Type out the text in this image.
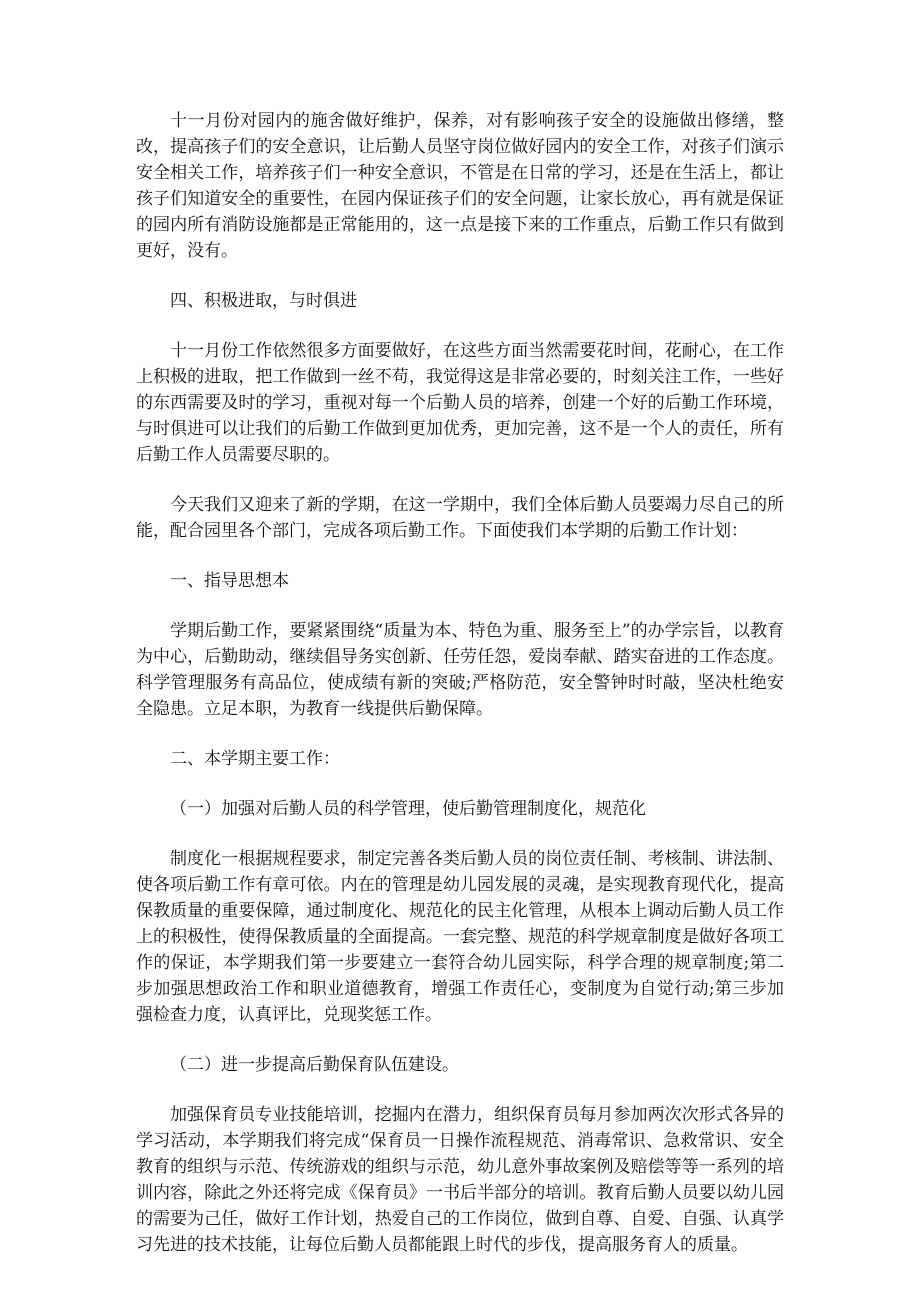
十一月份对园内的施舍做好维护，保养，对有影响孩子安全的设施做出修缮，整改，提高孩子们的安全意识，让后勤人员坚守岗位做好园内的安全工作，对孩子们演示安全相关工作，培养孩子们一种安全意识，不管是在日常的学习，还是在生活上，都让孩子们知道安全的重要性，在园内保证孩子们的安全问题，让家长放心，再有就是保证的园内所有消防设施都是正常能用的，这一点是接下来的工作重点，后勤工作只有做到更好，没有。

四、积极进取，与时俱进

十一月份工作依然很多方面要做好，在这些方面当然需要花时间，花耐心，在工作上积极的进取，把工作做到一丝不苟，我觉得这是非常必要的，时刻关注工作，一些好的东西需要及时的学习，重视对每一个后勤人员的培养，创建一个好的后勤工作环境，与时俱进可以让我们的后勤工作做到更加优秀，更加完善，这不是一个人的责任，所有后勤工作人员需要尽职的。

今天我们又迎来了新的学期，在这一学期中，我们全体后勤人员要竭力尽自己的所能，配合园里各个部门，完成各项后勤工作。下面使我们本学期的后勤工作计划：

一、指导思想本

学期后勤工作，要紧紧围绕“质量为本、特色为重、服务至上”的办学宗旨，以教育为中心，后勤助动，继续倡导务实创新、任劳任怨，爱岗奉献、踏实奋进的工作态度。科学管理服务有高品位，使成绩有新的突破;严格防范，安全警钟时时敲，坚决杜绝安全隐患。立足本职，为教育一线提供后勤保障。

二、本学期主要工作：

（一）加强对后勤人员的科学管理，使后勤管理制度化，规范化

制度化一根据规程要求，制定完善各类后勤人员的岗位责任制、考核制、讲法制、使各项后勤工作有章可依。内在的管理是幼儿园发展的灵魂，是实现教育现代化，提高保教质量的重要保障，通过制度化、规范化的民主化管理，从根本上调动后勤人员工作上的积极性，使得保教质量的全面提高。一套完整、规范的科学规章制度是做好各项工作的保证，本学期我们第一步要建立一套符合幼儿园实际，科学合理的规章制度;第二步加强思想政治工作和职业道德教育，增强工作责任心，变制度为自觉行动;第三步加强检查力度，认真评比，兑现奖惩工作。

（二）进一步提高后勤保育队伍建设。

加强保育员专业技能培训，挖掘内在潜力，组织保育员每月参加两次次形式各异的学习活动，本学期我们将完成“保育员一日操作流程规范、消毒常识、急救常识、安全教育的组织与示范、传统游戏的组织与示范，幼儿意外事故案例及赔偿等等一系列的培训内容，除此之外还将完成《保育员》一书后半部分的培训。教育后勤人员要以幼儿园的需要为己任，做好工作计划，热爱自己的工作岗位，做到自尊、自爱、自强、认真学习先进的技术技能，让每位后勤人员都能跟上时代的步伐，提高服务育人的质量。
